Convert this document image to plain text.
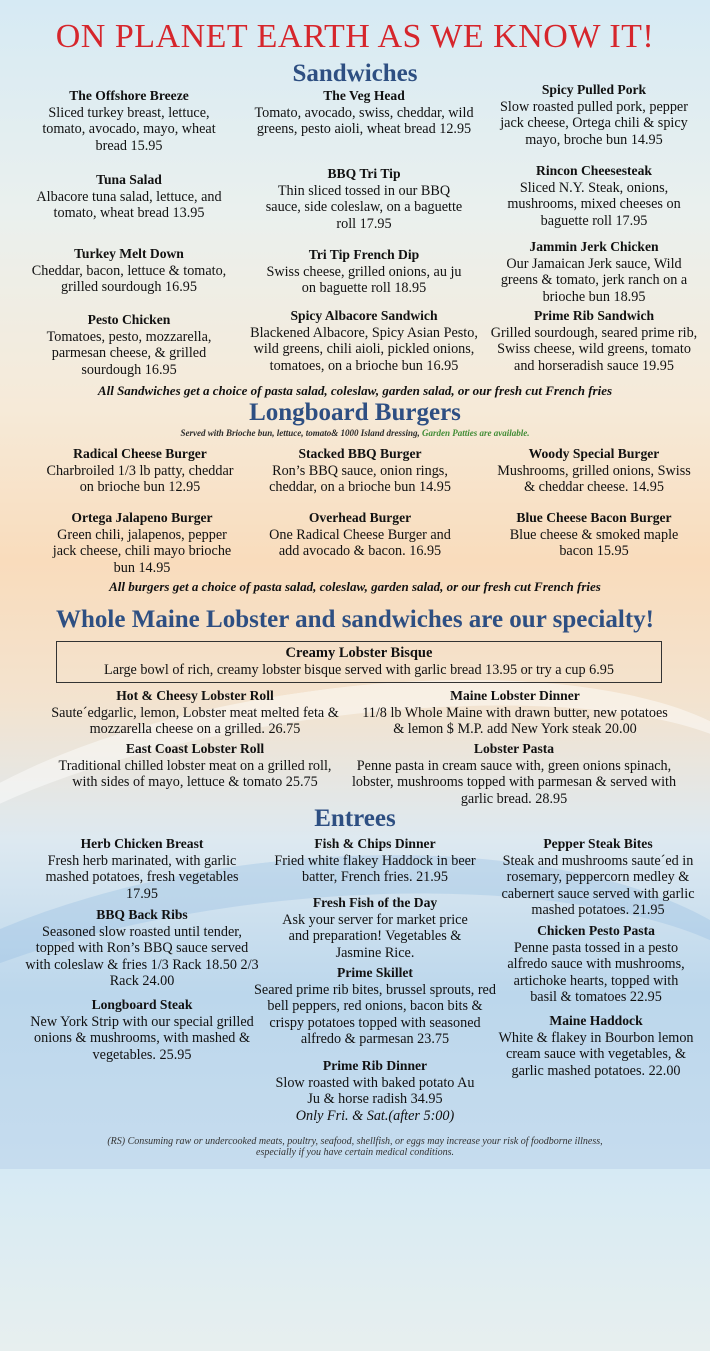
ON PLANET EARTH AS WE KNOW IT!
Sandwiches
The Offshore Breeze
Sliced turkey breast, lettuce, tomato, avocado, mayo, wheat bread 15.95
Tuna Salad
Albacore tuna salad, lettuce, and tomato, wheat bread 13.95
Turkey Melt Down
Cheddar, bacon, lettuce & tomato, grilled sourdough 16.95
Pesto Chicken
Tomatoes, pesto, mozzarella, parmesan cheese, & grilled sourdough 16.95
The Veg Head
Tomato, avocado, swiss, cheddar, wild greens, pesto aioli, wheat bread 12.95
BBQ Tri Tip
Thin sliced tossed in our BBQ sauce, side coleslaw, on a baguette roll 17.95
Tri Tip French Dip
Swiss cheese, grilled onions, au ju on baguette roll 18.95
Spicy Albacore Sandwich
Blackened Albacore, Spicy Asian Pesto, wild greens, chili aioli, pickled onions, tomatoes, on a brioche bun 16.95
Spicy Pulled Pork
Slow roasted pulled pork, pepper jack cheese, Ortega chili & spicy mayo, broche bun 14.95
Rincon Cheesesteak
Sliced N.Y. Steak, onions, mushrooms, mixed cheeses on baguette roll 17.95
Jammin Jerk Chicken
Our Jamaican Jerk sauce, Wild greens & tomato, jerk ranch on a brioche bun 18.95
Prime Rib Sandwich
Grilled sourdough, seared prime rib, Swiss cheese, wild greens, tomato and horseradish sauce 19.95
All Sandwiches get a choice of pasta salad, coleslaw, garden salad, or our fresh cut French fries
Longboard Burgers
Served with Brioche bun, lettuce, tomato& 1000 Island dressing, Garden Patties are available.
Radical Cheese Burger
Charbroiled 1/3 lb patty, cheddar on brioche bun 12.95
Ortega Jalapeno Burger
Green chili, jalapenos, pepper jack cheese, chili mayo brioche bun 14.95
Stacked BBQ Burger
Ron’s BBQ sauce, onion rings, cheddar, on a brioche bun 14.95
Overhead Burger
One Radical Cheese Burger and add avocado & bacon. 16.95
Woody Special Burger
Mushrooms, grilled onions, Swiss & cheddar cheese. 14.95
Blue Cheese Bacon Burger
Blue cheese & smoked maple bacon 15.95
All burgers get a choice of pasta salad, coleslaw, garden salad, or our fresh cut French fries
Whole Maine Lobster and sandwiches are our specialty!
Creamy Lobster Bisque
Large bowl of rich, creamy lobster bisque served with garlic bread 13.95 or try a cup 6.95
Hot & Cheesy Lobster Roll
Saute´edgarlic, lemon, Lobster meat melted feta & mozzarella cheese on a grilled. 26.75
East Coast Lobster Roll
Traditional chilled lobster meat on a grilled roll, with sides of mayo, lettuce & tomato 25.75
Maine Lobster Dinner
11/8 lb Whole Maine with drawn butter, new potatoes & lemon $ M.P. add New York steak 20.00
Lobster Pasta
Penne pasta in cream sauce with, green onions spinach, lobster, mushrooms topped with parmesan & served with garlic bread. 28.95
Entrees
Herb Chicken Breast
Fresh herb marinated, with garlic mashed potatoes, fresh vegetables 17.95
BBQ Back Ribs
Seasoned slow roasted until tender, topped with Ron’s BBQ sauce served with coleslaw & fries 1/3 Rack 18.50 2/3 Rack 24.00
Longboard Steak
New York Strip with our special grilled onions & mushrooms, with mashed & vegetables. 25.95
Fish & Chips Dinner
Fried white flakey Haddock in beer batter, French fries. 21.95
Fresh Fish of the Day
Ask your server for market price and preparation! Vegetables & Jasmine Rice.
Prime Skillet
Seared prime rib bites, brussel sprouts, red bell peppers, red onions, bacon bits & crispy potatoes topped with seasoned alfredo & parmesan 23.75
Prime Rib Dinner
Slow roasted with baked potato Au Ju & horse radish 34.95
Only Fri. & Sat.(after 5:00)
Pepper Steak Bites
Steak and mushrooms saute´ed in rosemary, peppercorn medley & cabernert sauce served with garlic mashed potatoes. 21.95
Chicken Pesto Pasta
Penne pasta tossed in a pesto alfredo sauce with mushrooms, artichoke hearts, topped with basil & tomatoes 22.95
Maine Haddock
White & flakey in Bourbon lemon cream sauce with vegetables, & garlic mashed potatoes. 22.00
(RS) Consuming raw or undercooked meats, poultry, seafood, shellfish, or eggs may increase your risk of foodborne illness, especially if you have certain medical conditions.
